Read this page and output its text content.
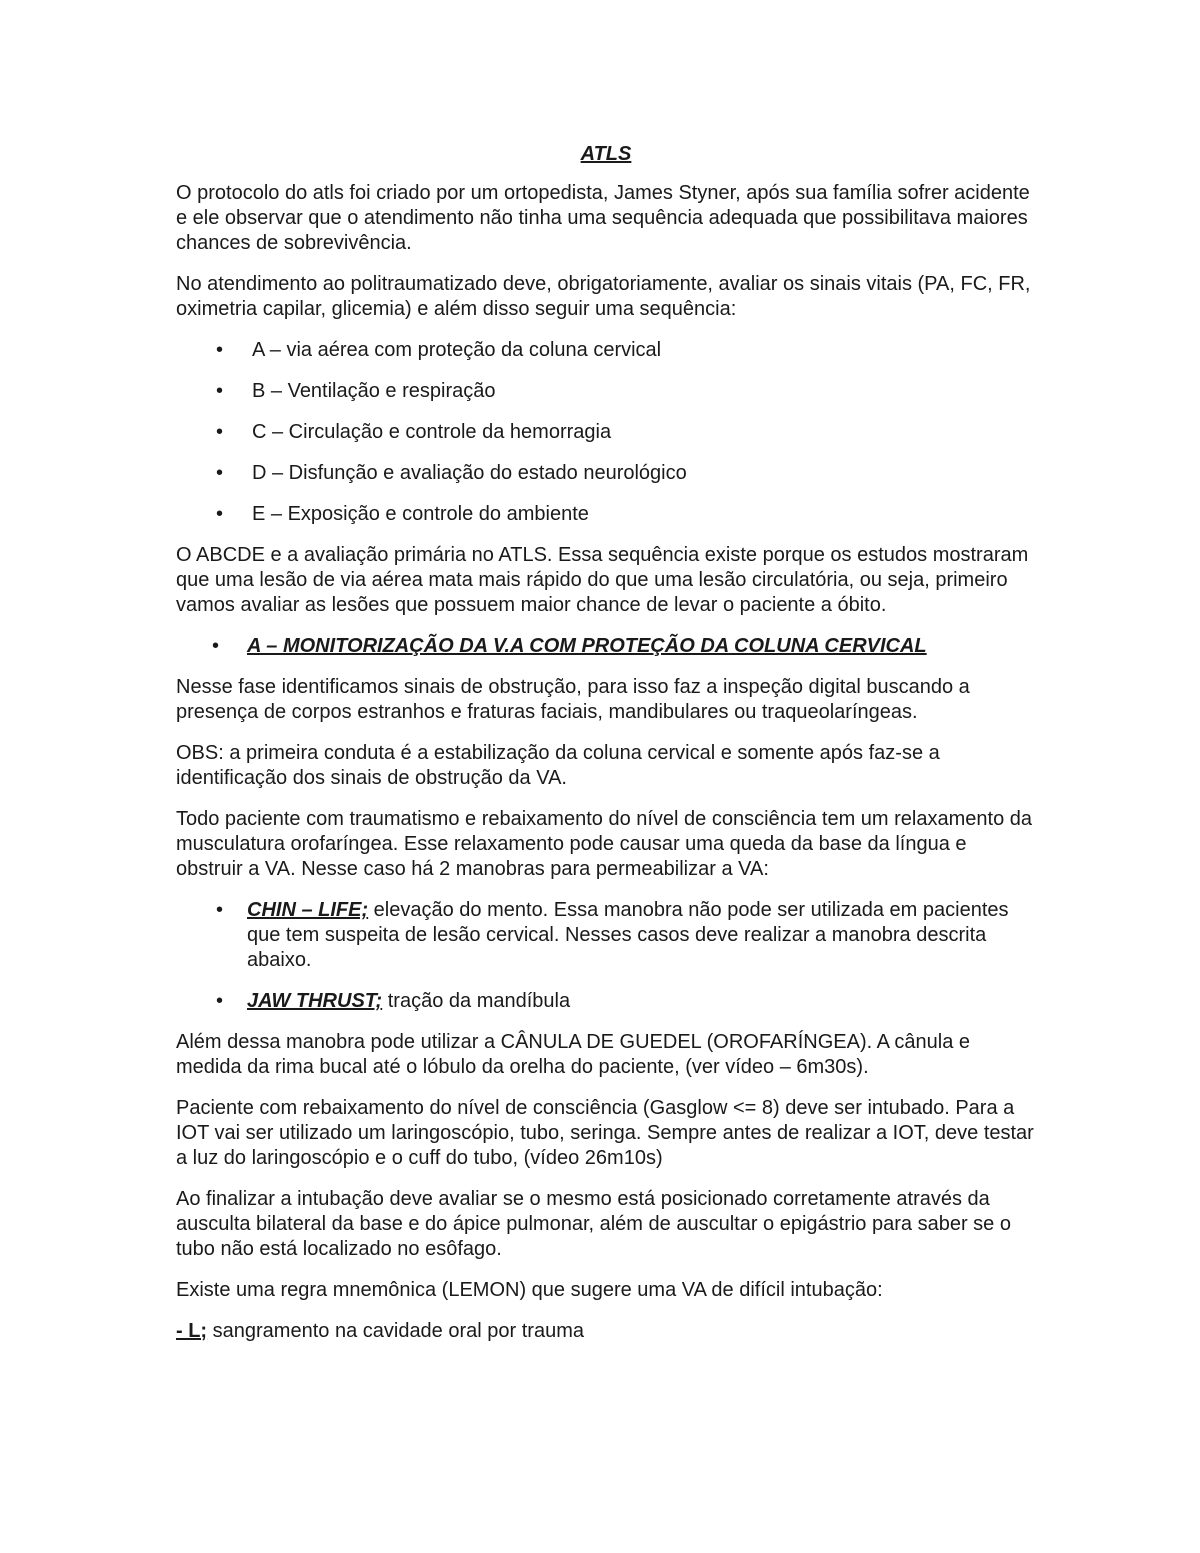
ATLS

O protocolo do atls foi criado por um ortopedista, James Styner, após sua família sofrer acidente e ele observar que o atendimento não tinha uma sequência adequada que possibilitava maiores chances de sobrevivência.

No atendimento ao politraumatizado deve, obrigatoriamente, avaliar os sinais vitais (PA, FC, FR, oximetria capilar, glicemia) e além disso seguir uma sequência:

• A – via aérea com proteção da coluna cervical
• B – Ventilação e respiração
• C – Circulação e controle da hemorragia
• D – Disfunção e avaliação do estado neurológico
• E – Exposição e controle do ambiente

O ABCDE e a avaliação primária no ATLS. Essa sequência existe porque os estudos mostraram que uma lesão de via aérea mata mais rápido do que uma lesão circulatória, ou seja, primeiro vamos avaliar as lesões que possuem maior chance de levar o paciente a óbito.

• A – MONITORIZAÇÃO DA V.A COM PROTEÇÃO DA COLUNA CERVICAL

Nesse fase identificamos sinais de obstrução, para isso faz a inspeção digital buscando a presença de corpos estranhos e fraturas faciais, mandibulares ou traqueolaríngeas.

OBS: a primeira conduta é a estabilização da coluna cervical e somente após faz-se a identificação dos sinais de obstrução da VA.

Todo paciente com traumatismo e rebaixamento do nível de consciência tem um relaxamento da musculatura orofaríngea. Esse relaxamento pode causar uma queda da base da língua e obstruir a VA. Nesse caso há 2 manobras para permeabilizar a VA:

• CHIN – LIFE; elevação do mento. Essa manobra não pode ser utilizada em pacientes que tem suspeita de lesão cervical. Nesses casos deve realizar a manobra descrita abaixo.
• JAW THRUST; tração da mandíbula

Além dessa manobra pode utilizar a CÂNULA DE GUEDEL (OROFARÍNGEA). A cânula e medida da rima bucal até o lóbulo da orelha do paciente, (ver vídeo – 6m30s).

Paciente com rebaixamento do nível de consciência (Gasglow <= 8) deve ser intubado. Para a IOT vai ser utilizado um laringoscópio, tubo, seringa. Sempre antes de realizar a IOT, deve testar a luz do laringoscópio e o cuff do tubo, (vídeo 26m10s)

Ao finalizar a intubação deve avaliar se o mesmo está posicionado corretamente através da ausculta bilateral da base e do ápice pulmonar, além de auscultar o epigástrio para saber se o tubo não está localizado no esôfago.

Existe uma regra mnemônica (LEMON) que sugere uma VA de difícil intubação:

- L; sangramento na cavidade oral por trauma
